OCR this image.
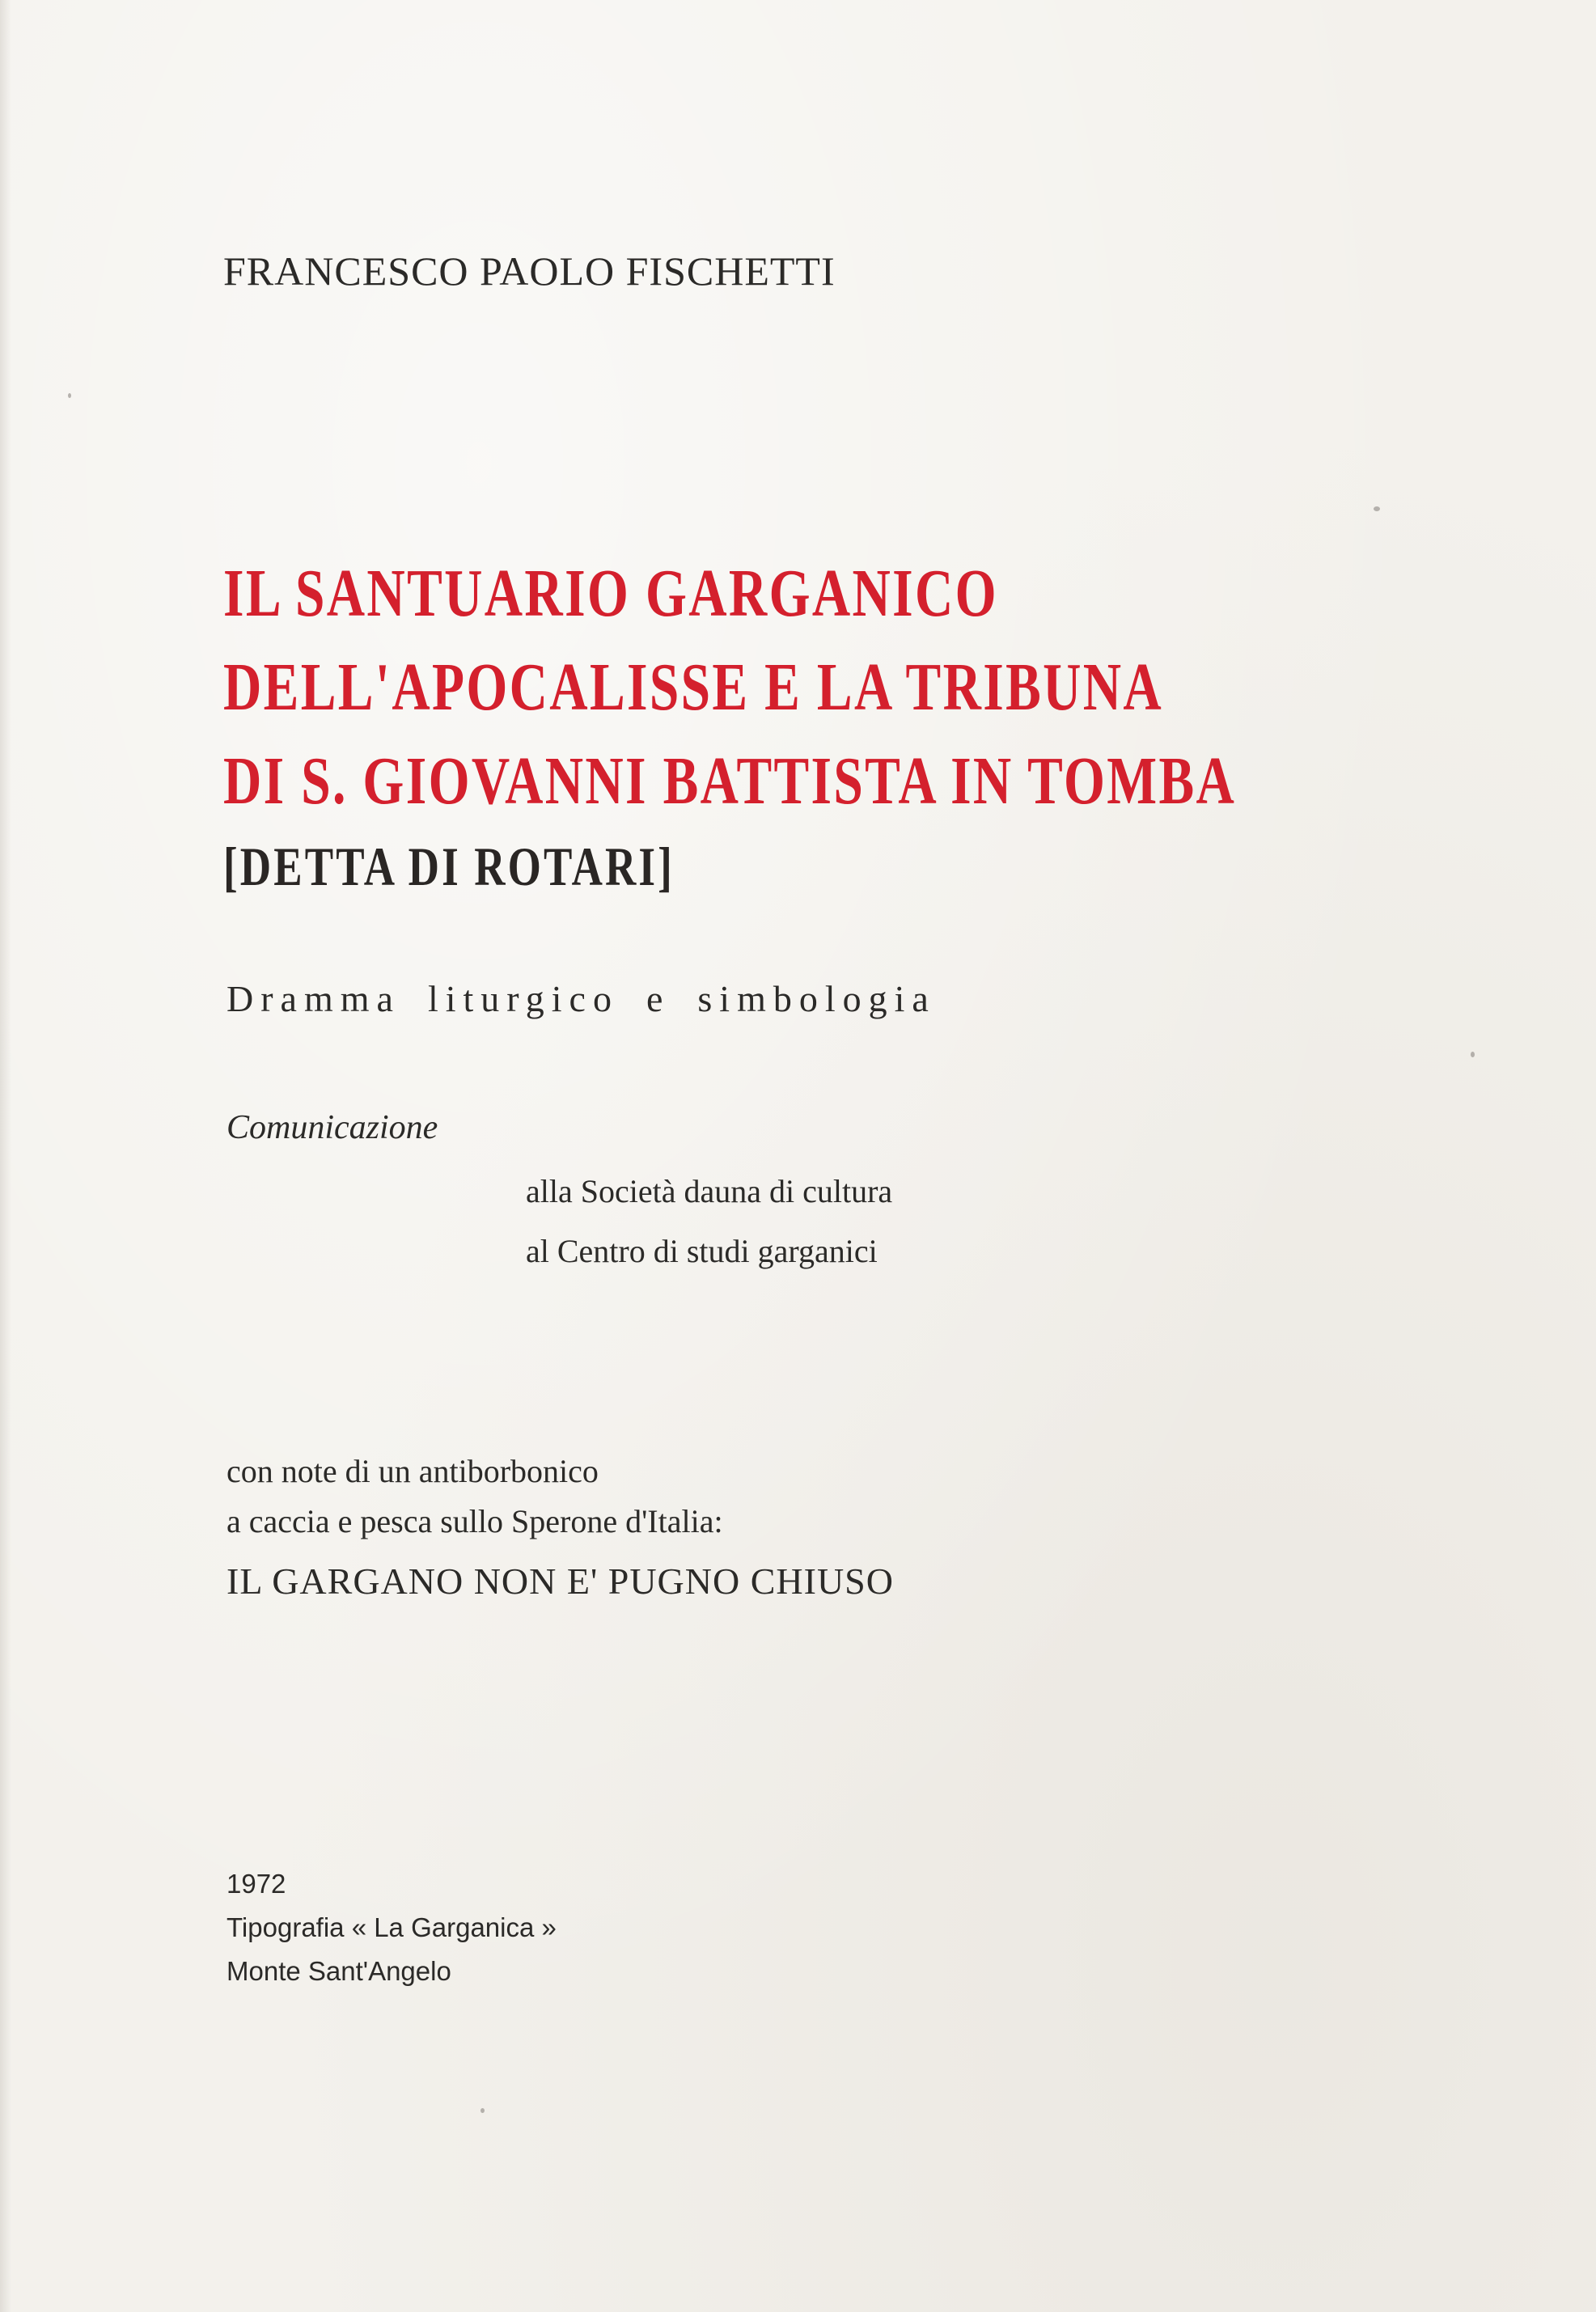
FRANCESCO PAOLO FISCHETTI
IL SANTUARIO GARGANICO
DELL'APOCALISSE E LA TRIBUNA
DI S. GIOVANNI BATTISTA IN TOMBA
[DETTA DI ROTARI]
Dramma liturgico e simbologia
Comunicazione
alla Società dauna di cultura
al Centro di studi garganici
con note di un antiborbonico
a caccia e pesca sullo Sperone d'Italia:
IL GARGANO NON E' PUGNO CHIUSO
1972
Tipografia « La Garganica »
Monte Sant'Angelo
